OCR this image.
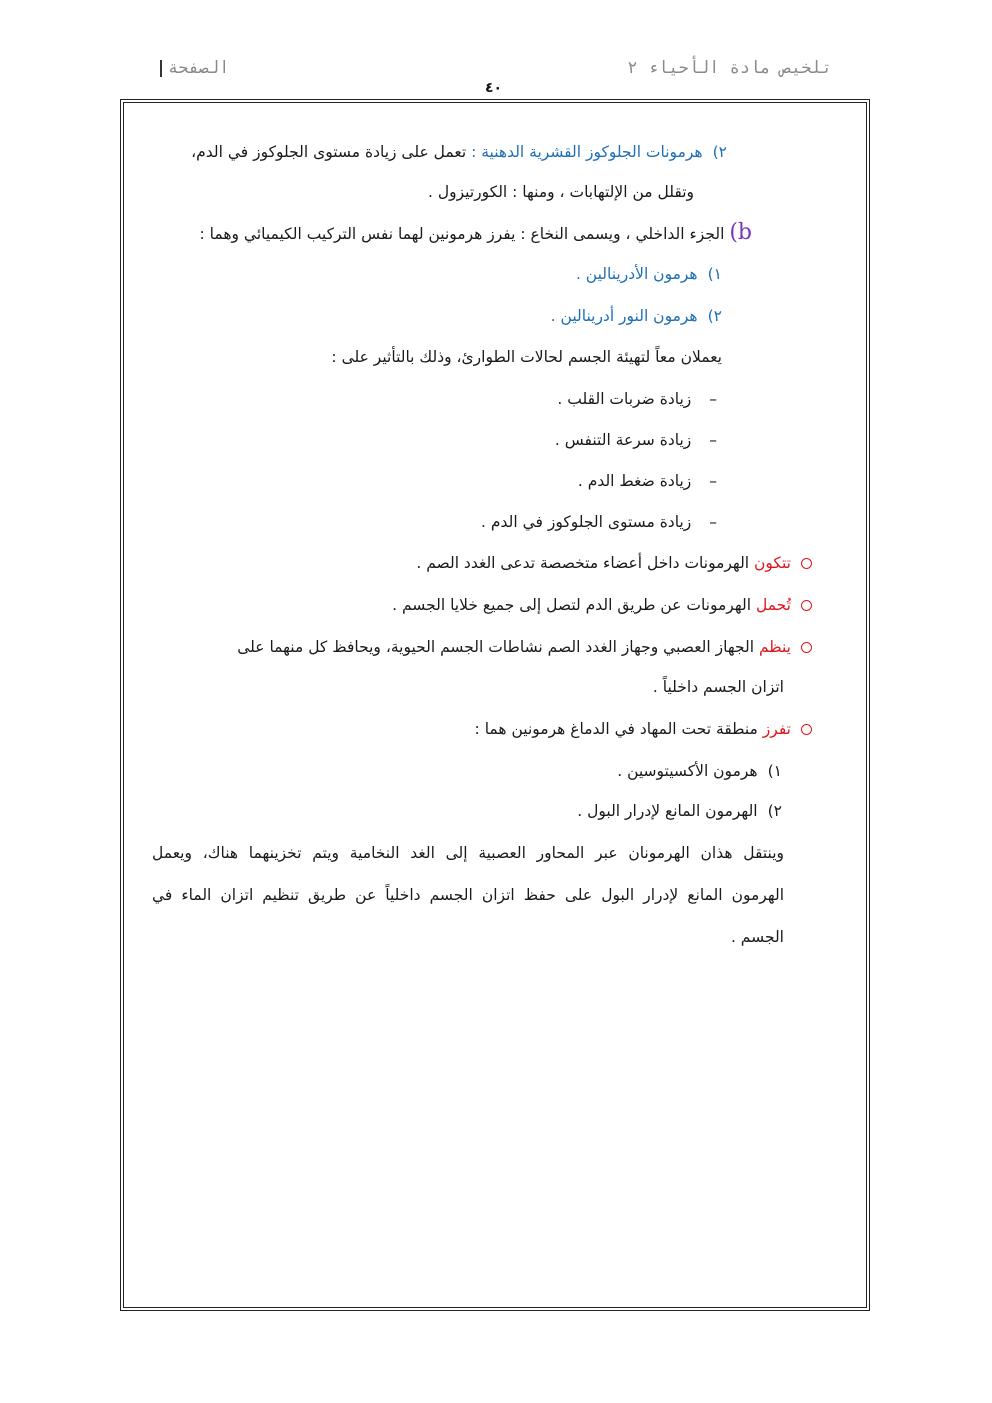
تلخيص مادة الأحياء ٢
الصفحة
٤٠
٢)هرمونات الجلوكوز القشرية الدهنية : تعمل على زيادة مستوى الجلوكوز في الدم،
وتقلل من الإلتهابات ، ومنها : الكورتيزول .
b) الجزء الداخلي ، ويسمى النخاع : يفرز هرمونين لهما نفس التركيب الكيميائي وهما :
١)هرمون الأدرينالين .
٢)هرمون النور أدرينالين .
يعملان معاً لتهيئة الجسم لحالات الطوارئ، وذلك بالتأثير على :
–زيادة ضربات القلب .
–زيادة سرعة التنفس .
–زيادة ضغط الدم .
–زيادة مستوى الجلوكوز في الدم .
تتكون الهرمونات داخل أعضاء متخصصة تدعى الغدد الصم .
تُحمل الهرمونات عن طريق الدم لتصل إلى جميع خلايا الجسم .
ينظم الجهاز العصبي وجهاز الغدد الصم نشاطات الجسم الحيوية، ويحافظ كل منهما على
اتزان الجسم داخلياً .
تفرز منطقة تحت المهاد في الدماغ هرمونين هما :
١)هرمون الأكسيتوسين .
٢)الهرمون المانع لإدرار البول .
وينتقل هذان الهرمونان عبر المحاور العصبية إلى الغد النخامية ويتم تخزينهما هناك، ويعمل
الهرمون المانع لإدرار البول على حفظ اتزان الجسم داخلياً عن طريق تنظيم اتزان الماء في
الجسم .
